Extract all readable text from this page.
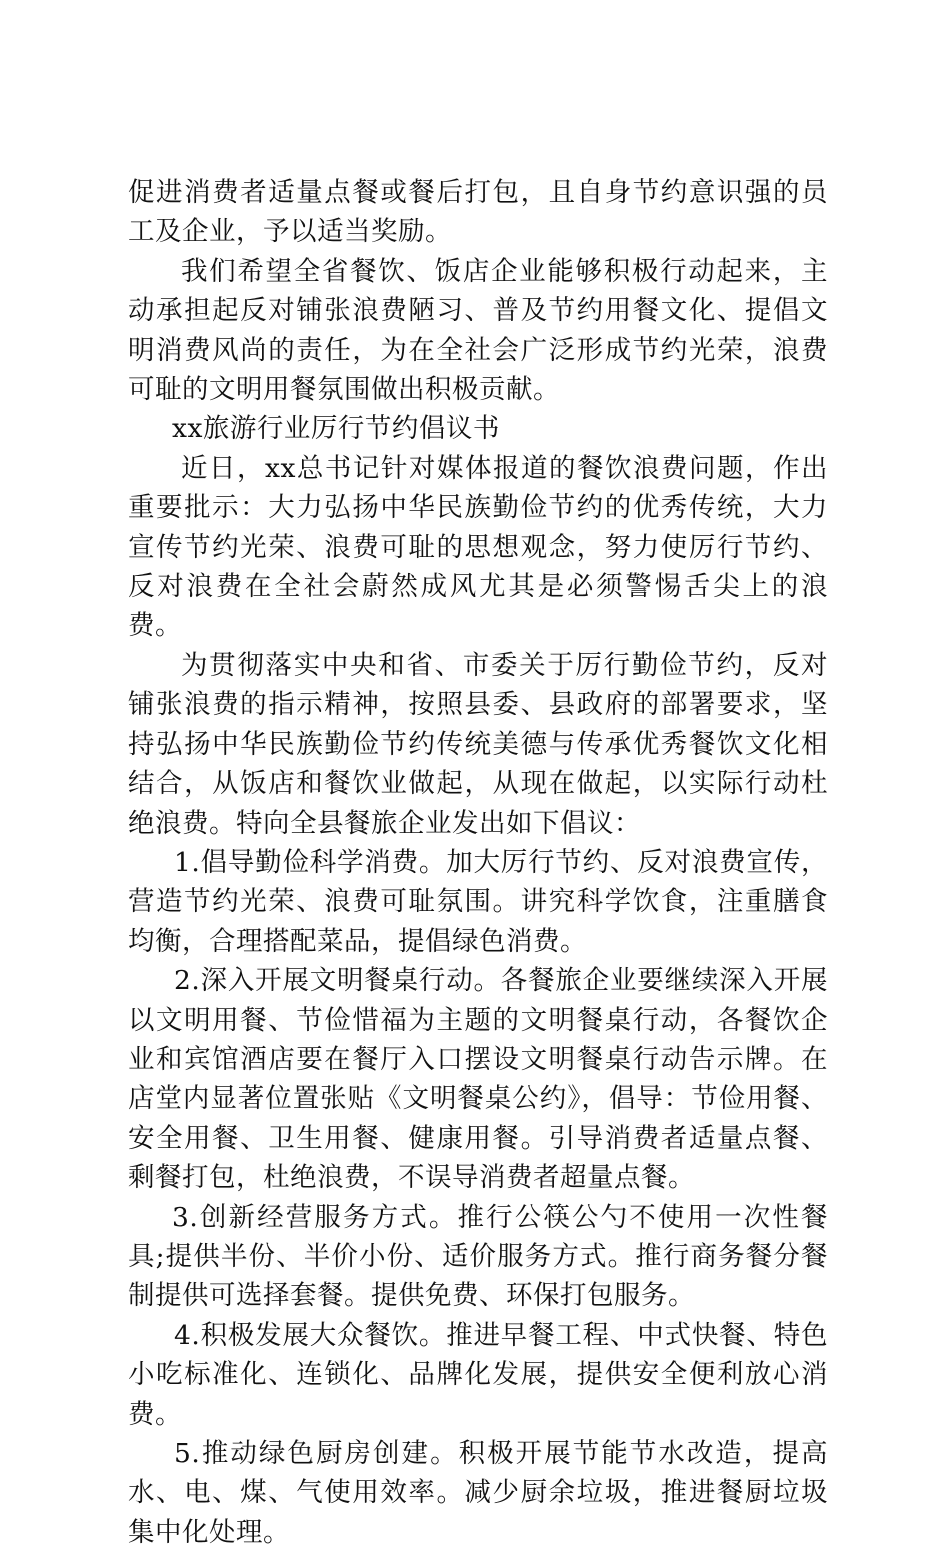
促进消费者适量点餐或餐后打包，且自身节约意识强的员工及企业，予以适当奖励。

我们希望全省餐饮、饭店企业能够积极行动起来，主动承担起反对铺张浪费陋习、普及节约用餐文化、提倡文明消费风尚的责任，为在全社会广泛形成节约光荣，浪费可耻的文明用餐氛围做出积极贡献。

xx旅游行业厉行节约倡议书

近日，xx总书记针对媒体报道的餐饮浪费问题，作出重要批示：大力弘扬中华民族勤俭节约的优秀传统，大力宣传节约光荣、浪费可耻的思想观念，努力使厉行节约、反对浪费在全社会蔚然成风尤其是必须警惕舌尖上的浪费。

为贯彻落实中央和省、市委关于厉行勤俭节约，反对铺张浪费的指示精神，按照县委、县政府的部署要求，坚持弘扬中华民族勤俭节约传统美德与传承优秀餐饮文化相结合，从饭店和餐饮业做起，从现在做起，以实际行动杜绝浪费。特向全县餐旅企业发出如下倡议：

1.倡导勤俭科学消费。加大厉行节约、反对浪费宣传，营造节约光荣、浪费可耻氛围。讲究科学饮食，注重膳食均衡，合理搭配菜品，提倡绿色消费。

2.深入开展文明餐桌行动。各餐旅企业要继续深入开展以文明用餐、节俭惜福为主题的文明餐桌行动，各餐饮企业和宾馆酒店要在餐厅入口摆设文明餐桌行动告示牌。在店堂内显著位置张贴《文明餐桌公约》，倡导：节俭用餐、安全用餐、卫生用餐、健康用餐。引导消费者适量点餐、剩餐打包，杜绝浪费，不误导消费者超量点餐。

3.创新经营服务方式。推行公筷公勺不使用一次性餐具;提供半份、半价小份、适价服务方式。推行商务餐分餐制提供可选择套餐。提供免费、环保打包服务。

4.积极发展大众餐饮。推进早餐工程、中式快餐、特色小吃标准化、连锁化、品牌化发展，提供安全便利放心消费。

5.推动绿色厨房创建。积极开展节能节水改造，提高水、电、煤、气使用效率。减少厨余垃圾，推进餐厨垃圾集中化处理。
